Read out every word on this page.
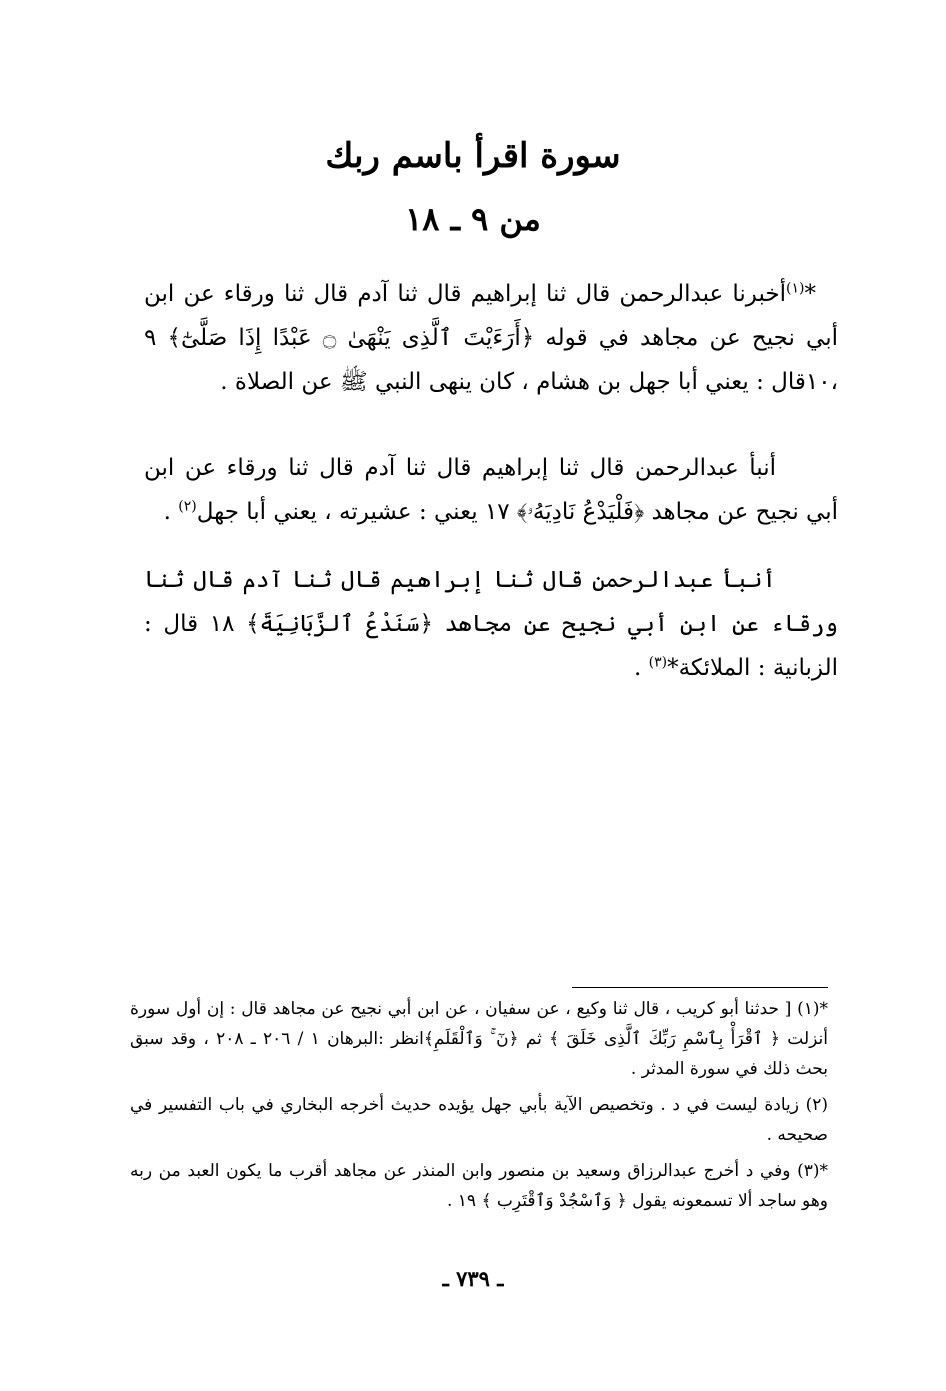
سورة اقرأ باسم ربك
من ٩ ـ ١٨

*$^{(١)}$أخبرنا عبدالرحمن قال ثنا إبراهيم قال ثنا آدم قال ثنا ورقاء عن ابن أبي نجيح عن مجاهد في قوله ﴿أَرَءَيْتَ ٱلَّذِى يَنْهَىٰ ۝ عَبْدًا إِذَا صَلَّىٰٓ﴾ ٩ ،١٠قال : يعني أبا جهل بن هشام ، كان ينهى النبي ﷺ عن الصلاة .

أنبأ عبدالرحمن قال ثنا إبراهيم قال ثنا آدم قال ثنا ورقاء عن ابن أبي نجيح عن مجاهد ﴿فَلْيَدْعُ نَادِيَهُۥ﴾ ١٧ يعني : عشيرته ، يعني أبا جهل$^{(٢)}$ .

أنبأ عبدالرحمن قال ثنا إبراهيم قال ثنا آدم قال ثنا ورقاء عن ابن أبي نجيح عن مجاهد ﴿سَنَدْعُ ٱلزَّبَانِيَةَ﴾ ١٨ قال : الزبانية : الملائكة*$^{(٣)}$ .

*(١) [ حدثنا أبو كريب ، قال ثنا وكيع ، عن سفيان ، عن ابن أبي نجيح عن مجاهد قال : إن أول سورة أنزلت ﴿ ٱقْرَأْ بِٱسْمِ رَبِّكَ ٱلَّذِى خَلَقَ ﴾ ثم ﴿نٓ ۚ وَٱلْقَلَمِ﴾انظر :البرهان ١ / ٢٠٦ ـ ٢٠٨ ، وقد سبق بحث ذلك في سورة المدثر .

(٢) زيادة ليست في د . وتخصيص الآية بأبي جهل يؤيده حديث أخرجه البخاري في باب التفسير في صحيحه .

*(٣) وفي د أخرج عبدالرزاق وسعيد بن منصور وابن المنذر عن مجاهد أقرب ما يكون العبد من ربه وهو ساجد ألا تسمعونه يقول ﴿ وَٱسْجُدْ وَٱقْتَرِب ﴾ ١٩ .

ـ ٧٣٩ ـ
